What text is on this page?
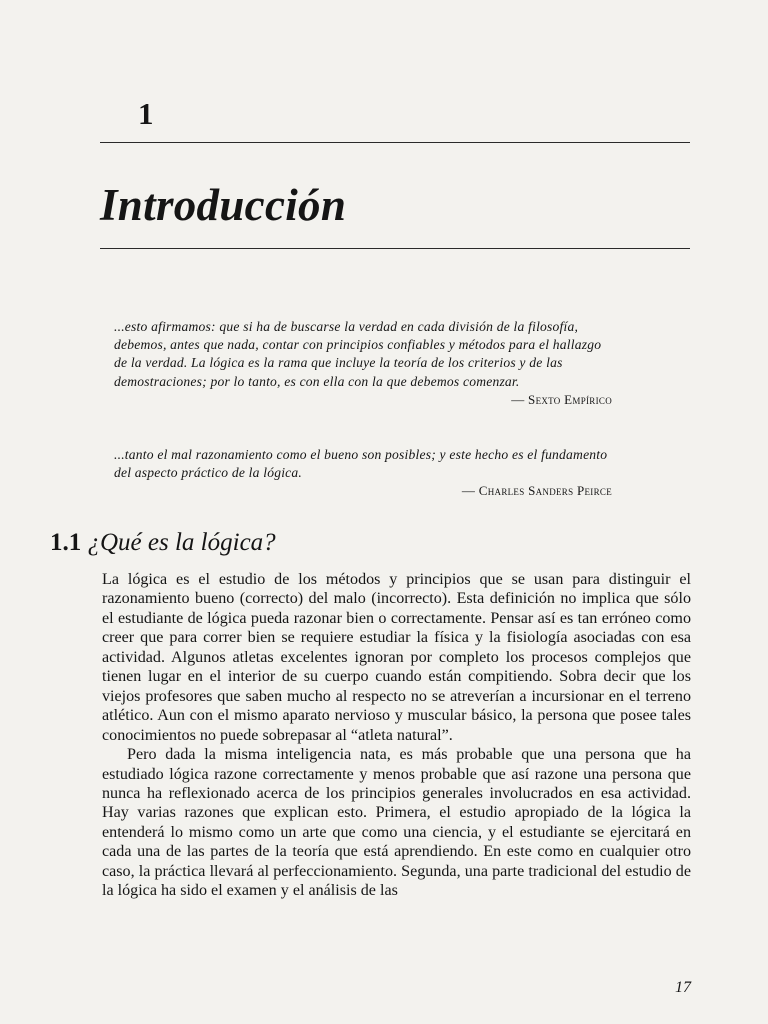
1
Introducción

...esto afirmamos: que si ha de buscarse la verdad en cada división de la filosofía, debemos, antes que nada, contar con principios confiables y métodos para el hallazgo de la verdad. La lógica es la rama que incluye la teoría de los criterios y de las demostraciones; por lo tanto, es con ella con la que debemos comenzar.

— Sexto Empírico

...tanto el mal razonamiento como el bueno son posibles; y este hecho es el fundamento del aspecto práctico de la lógica.

— Charles Sanders Peirce

1.1 ¿Qué es la lógica?

La lógica es el estudio de los métodos y principios que se usan para distinguir el razonamiento bueno (correcto) del malo (incorrecto). Esta definición no implica que sólo el estudiante de lógica pueda razonar bien o correctamente. Pensar así es tan erróneo como creer que para correr bien se requiere estudiar la física y la fisiología asociadas con esa actividad. Algunos atletas excelentes ignoran por completo los procesos complejos que tienen lugar en el interior de su cuerpo cuando están compitiendo. Sobra decir que los viejos profesores que saben mucho al respecto no se atreverían a incursionar en el terreno atlético. Aun con el mismo aparato nervioso y muscular básico, la persona que posee tales conocimientos no puede sobrepasar al “atleta natural”.

Pero dada la misma inteligencia nata, es más probable que una persona que ha estudiado lógica razone correctamente y menos probable que así razone una persona que nunca ha reflexionado acerca de los principios generales involucrados en esa actividad. Hay varias razones que explican esto. Primera, el estudio apropiado de la lógica la entenderá lo mismo como un arte que como una ciencia, y el estudiante se ejercitará en cada una de las partes de la teoría que está aprendiendo. En este como en cualquier otro caso, la práctica llevará al perfeccionamiento. Segunda, una parte tradicional del estudio de la lógica ha sido el examen y el análisis de las

17
